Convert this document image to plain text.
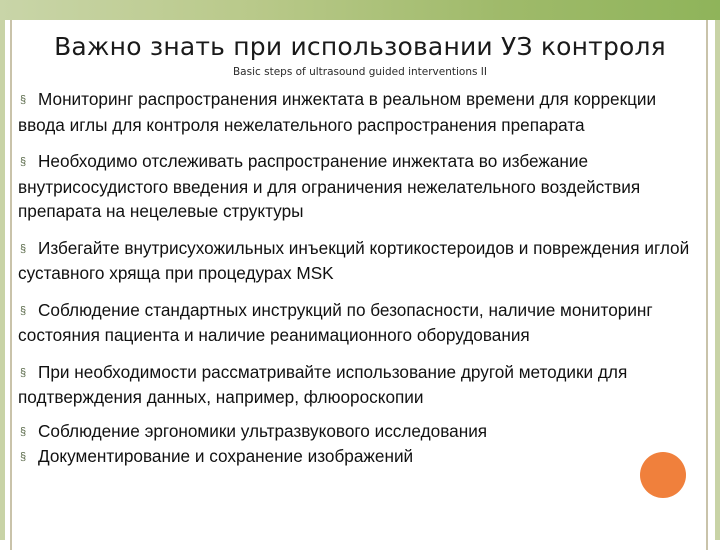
Важно знать при использовании УЗ контроля
Basic steps of ultrasound guided interventions II

§ Мониторинг распространения инжектата в реальном времени для коррекции ввода иглы для контроля нежелательного распространения препарата

§ Необходимо отслеживать распространение инжектата во избежание внутрисосудистого введения и для ограничения нежелательного воздействия препарата на нецелевые структуры

§ Избегайте внутрисухожильных инъекций кортикостероидов и повреждения иглой суставного хряща при процедурах MSK

§ Соблюдение стандартных инструкций по безопасности, наличие мониторинг состояния пациента и наличие реанимационного оборудования

§ При необходимости рассматривайте использование другой методики для подтверждения данных, например, флюороскопии

§ Соблюдение эргономики ультразвукового исследования

§ Документирование и сохранение изображений
